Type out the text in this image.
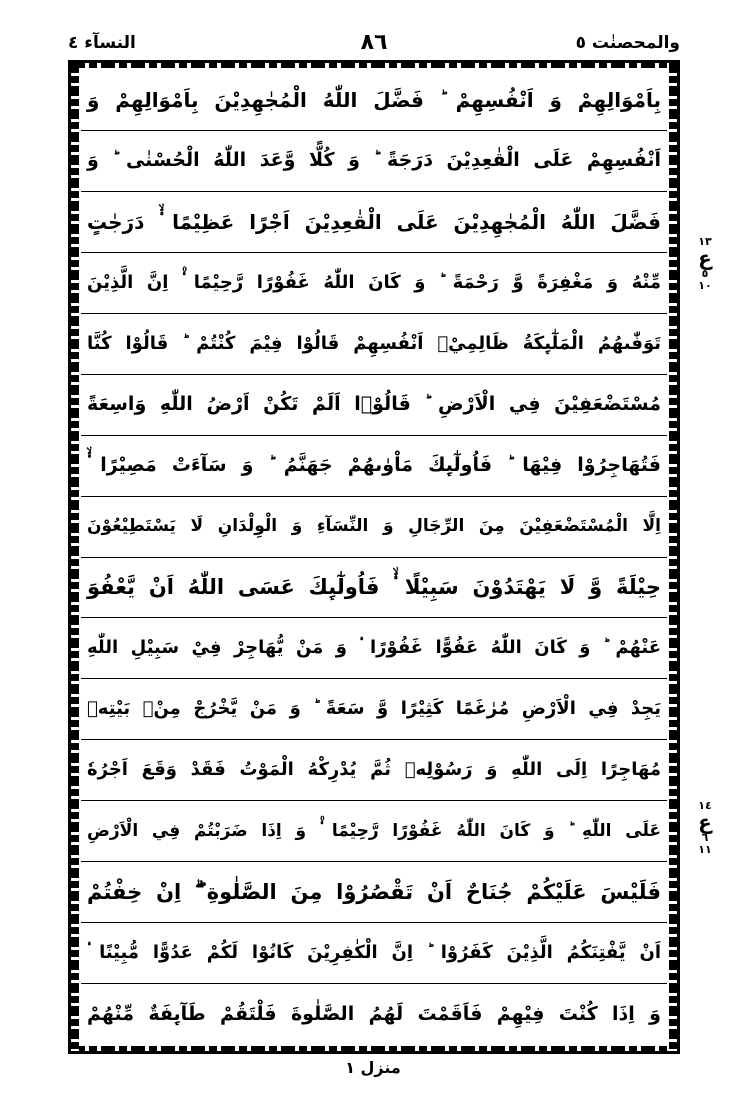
والمحصنٰت ٥
٨٦
النسآء ٤
بِاَمْوَالِهِمْ وَ اَنْفُسِهِمْ ؕ فَضَّلَ اللّٰهُ الْمُجٰهِدِيْنَ بِاَمْوَالِهِمْ وَ
اَنْفُسِهِمْ عَلَى الْقٰعِدِيْنَ دَرَجَةً ؕ وَ كُلًّا وَّعَدَ اللّٰهُ الْحُسْنٰى ؕ وَ
فَضَّلَ اللّٰهُ الْمُجٰهِدِيْنَ عَلَى الْقٰعِدِيْنَ اَجْرًا عَظِيْمًا ۟ۙ دَرَجٰتٍ
مِّنْهُ وَ مَغْفِرَةً وَّ رَحْمَةً ؕ وَ كَانَ اللّٰهُ غَفُوْرًا رَّحِيْمًا ۟۠ اِنَّ الَّذِيْنَ
تَوَفّٰىهُمُ الْمَلٰٓىِٕكَةُ ظَالِمِيْۤ اَنْفُسِهِمْ قَالُوْا فِيْمَ كُنْتُمْ ؕ قَالُوْا كُنَّا
مُسْتَضْعَفِيْنَ فِي الْاَرْضِ ؕ قَالُوْۤا اَلَمْ تَكُنْ اَرْضُ اللّٰهِ وَاسِعَةً
فَتُهَاجِرُوْا فِيْهَا ؕ فَاُولٰٓىِٕكَ مَاْوٰىهُمْ جَهَنَّمُ ؕ وَ سَآءَتْ مَصِيْرًا ۟ۙ
اِلَّا الْمُسْتَضْعَفِيْنَ مِنَ الرِّجَالِ وَ النِّسَآءِ وَ الْوِلْدَانِ لَا يَسْتَطِيْعُوْنَ
حِيْلَةً وَّ لَا يَهْتَدُوْنَ سَبِيْلًا ۟ۙ فَاُولٰٓىِٕكَ عَسَى اللّٰهُ اَنْ يَّعْفُوَ
عَنْهُمْ ؕ وَ كَانَ اللّٰهُ عَفُوًّا غَفُوْرًا ۟ وَ مَنْ يُّهَاجِرْ فِيْ سَبِيْلِ اللّٰهِ
يَجِدْ فِي الْاَرْضِ مُرٰغَمًا كَثِيْرًا وَّ سَعَةً ؕ وَ مَنْ يَّخْرُجْ مِنْۢ بَيْتِهٖ
مُهَاجِرًا اِلَى اللّٰهِ وَ رَسُوْلِهٖ ثُمَّ يُدْرِكْهُ الْمَوْتُ فَقَدْ وَقَعَ اَجْرُهٗ
عَلَى اللّٰهِ ؕ وَ كَانَ اللّٰهُ غَفُوْرًا رَّحِيْمًا ۟۠ وَ اِذَا ضَرَبْتُمْ فِي الْاَرْضِ
فَلَيْسَ عَلَيْكُمْ جُنَاحٌ اَنْ تَقْصُرُوْا مِنَ الصَّلٰوةِ ۖۗ اِنْ خِفْتُمْ
اَنْ يَّفْتِنَكُمُ الَّذِيْنَ كَفَرُوْا ؕ اِنَّ الْكٰفِرِيْنَ كَانُوْا لَكُمْ عَدُوًّا مُّبِيْنًا ۟
وَ اِذَا كُنْتَ فِيْهِمْ فَاَقَمْتَ لَهُمُ الصَّلٰوةَ فَلْتَقُمْ طَآىِٕفَةٌ مِّنْهُمْ
١٣
ع
٥
١٠
١٤
ع
٦
١١
منزل ١
